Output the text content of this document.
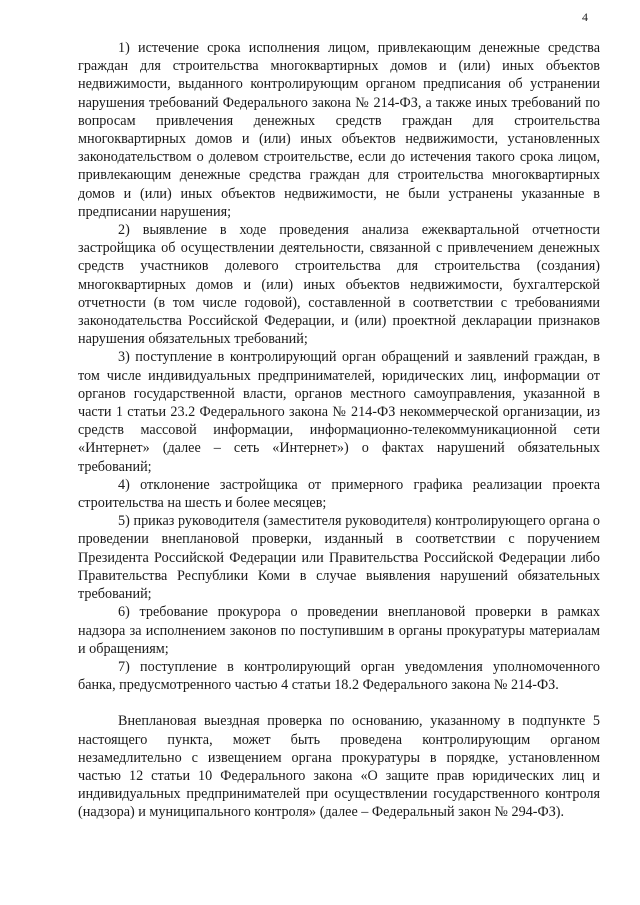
4

1) истечение срока исполнения лицом, привлекающим денежные средства граждан для строительства многоквартирных домов и (или) иных объектов недвижимости, выданного контролирующим органом предписания об устранении нарушения требований Федерального закона № 214-ФЗ, а также иных требований по вопросам привлечения денежных средств граждан для строительства многоквартирных домов и (или) иных объектов недвижимости, установленных законодательством о долевом строительстве, если до истечения такого срока лицом, привлекающим денежные средства граждан для строительства многоквартирных домов и (или) иных объектов недвижимости, не были устранены указанные в предписании нарушения;

2) выявление в ходе проведения анализа ежеквартальной отчетности застройщика об осуществлении деятельности, связанной с привлечением денежных средств участников долевого строительства для строительства (создания) многоквартирных домов и (или) иных объектов недвижимости, бухгалтерской отчетности (в том числе годовой), составленной в соответствии с требованиями законодательства Российской Федерации, и (или) проектной декларации признаков нарушения обязательных требований;

3) поступление в контролирующий орган обращений и заявлений граждан, в том числе индивидуальных предпринимателей, юридических лиц, информации от органов государственной власти, органов местного самоуправления, указанной в части 1 статьи 23.2 Федерального закона № 214-ФЗ некоммерческой организации, из средств массовой информации, информационно-телекоммуникационной сети «Интернет» (далее – сеть «Интернет») о фактах нарушений обязательных требований;

4) отклонение застройщика от примерного графика реализации проекта строительства на шесть и более месяцев;

5) приказ руководителя (заместителя руководителя) контролирующего органа о проведении внеплановой проверки, изданный в соответствии с поручением Президента Российской Федерации или Правительства Российской Федерации либо Правительства Республики Коми в случае выявления нарушений обязательных требований;

6) требование прокурора о проведении внеплановой проверки в рамках надзора за исполнением законов по поступившим в органы прокуратуры материалам и обращениям;

7) поступление в контролирующий орган уведомления уполномоченного банка, предусмотренного частью 4 статьи 18.2 Федерального закона № 214-ФЗ.

Внеплановая выездная проверка по основанию, указанному в подпункте 5 настоящего пункта, может быть проведена контролирующим органом незамедлительно с извещением органа прокуратуры в порядке, установленном частью 12 статьи 10 Федерального закона «О защите прав юридических лиц и индивидуальных предпринимателей при осуществлении государственного контроля (надзора) и муниципального контроля» (далее – Федеральный закон № 294-ФЗ).
